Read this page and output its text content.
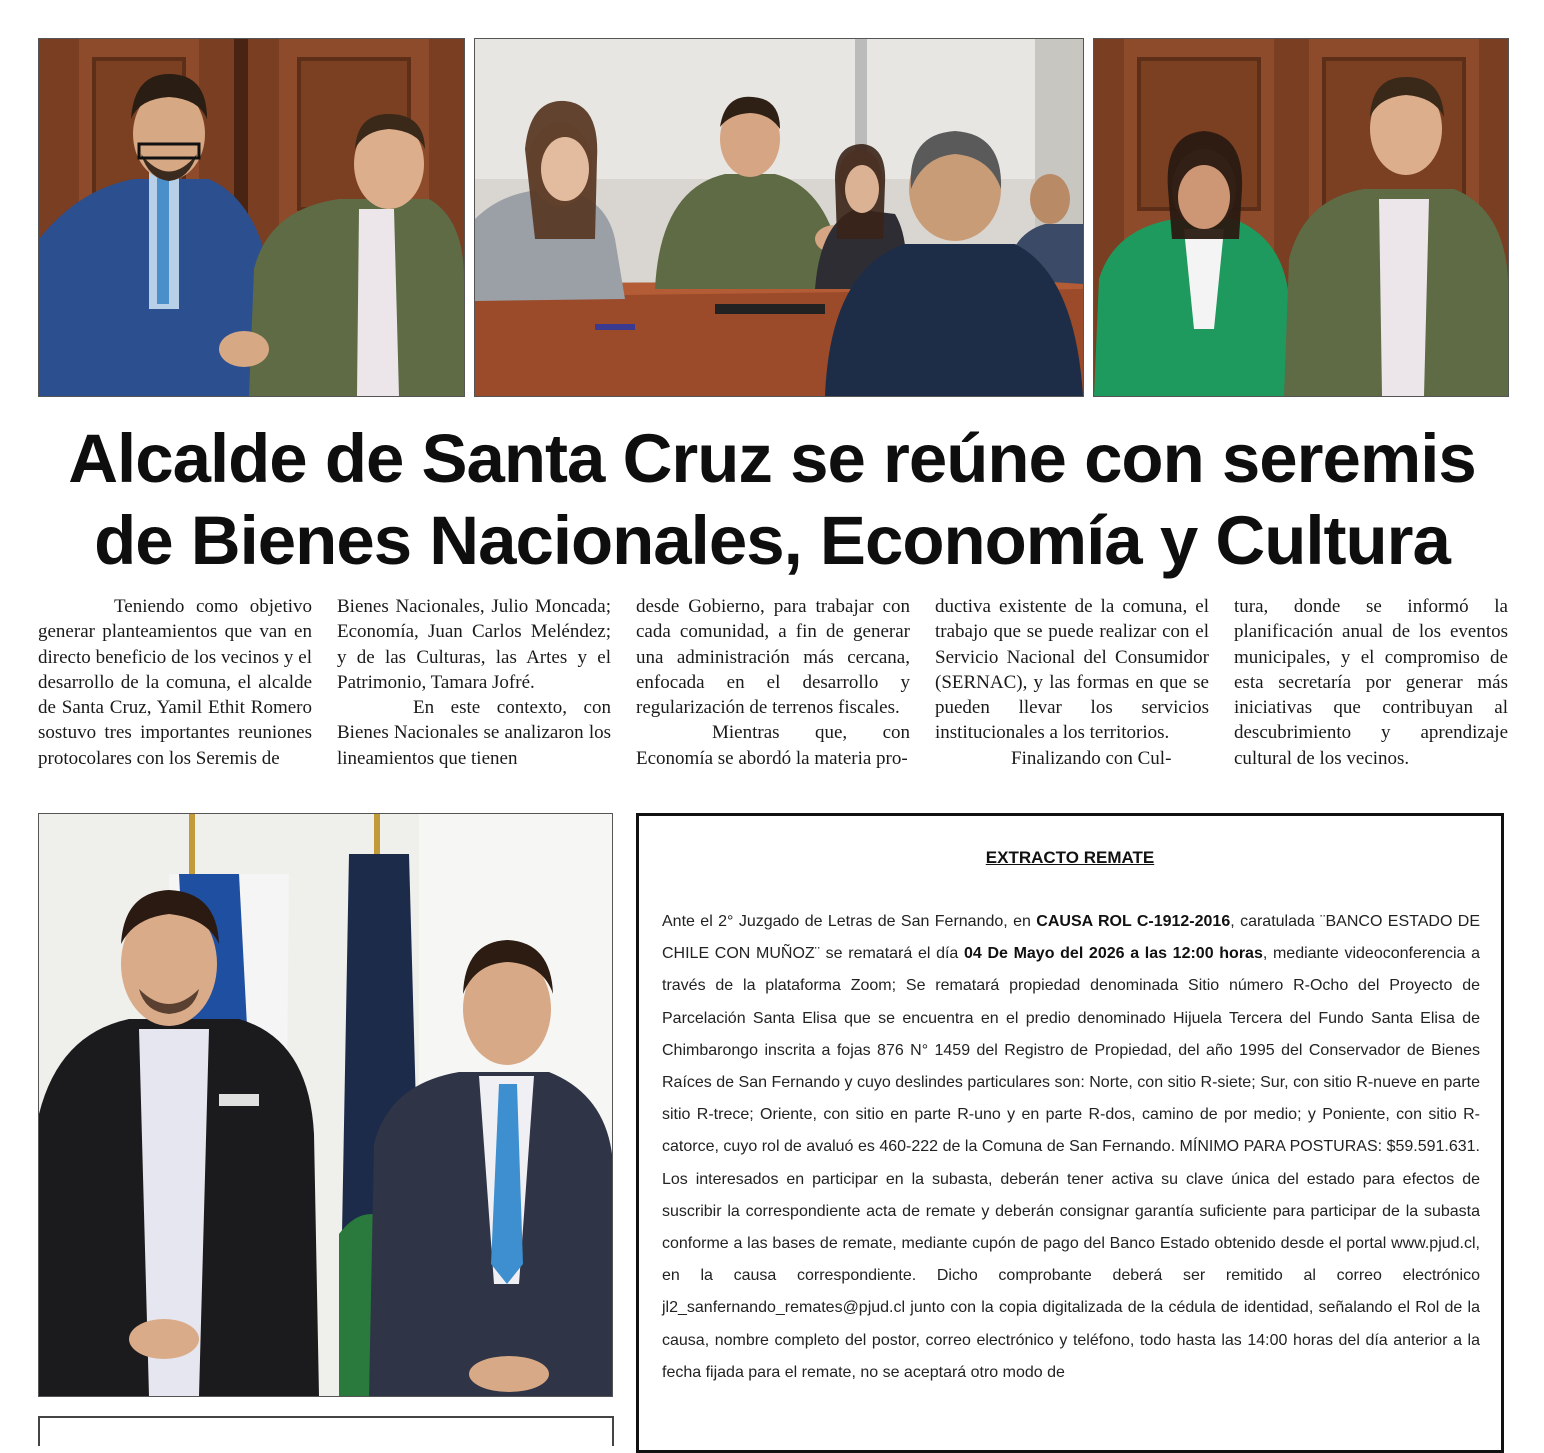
Alcalde de Santa Cruz se reúne con seremis
de Bienes Nacionales, Economía y Cultura

Teniendo como objetivo generar planteamientos que van en directo beneficio de los vecinos y el desarrollo de la comuna, el alcalde de Santa Cruz, Yamil Ethit Romero sostuvo tres importantes reuniones protocolares con los Seremis de

Bienes Nacionales, Julio Moncada; Economía, Juan Carlos Meléndez; y de las Culturas, las Artes y el Patrimonio, Tamara Jofré.

En este contexto, con Bienes Nacionales se analizaron los lineamientos que tienen

desde Gobierno, para trabajar con cada comunidad, a fin de generar una administración más cercana, enfocada en el desarrollo y regularización de terrenos fiscales.

Mientras que, con Economía se abordó la materia pro-

ductiva existente de la comuna, el trabajo que se puede realizar con el Servicio Nacional del Consumidor (SERNAC), y las formas en que se pueden llevar los servicios institucionales a los territorios.

Finalizando con Cul-

tura, donde se informó la planificación anual de los eventos municipales, y el compromiso de esta secretaría por generar más iniciativas que contribuyan al descubrimiento y aprendizaje cultural de los vecinos.

EXTRACTO REMATE
Ante el 2° Juzgado de Letras de San Fernando, en CAUSA ROL C-1912-2016, caratulada ¨BANCO ESTADO DE CHILE CON MUÑOZ¨ se rematará el día 04 De Mayo del 2026 a las 12:00 horas, mediante videoconferencia a través de la plataforma Zoom; Se rematará propiedad denominada Sitio número R-Ocho del Proyecto de Parcelación Santa Elisa que se encuentra en el predio denominado Hijuela Tercera del Fundo Santa Elisa de Chimbarongo inscrita a fojas 876 N° 1459 del Registro de Propiedad, del año 1995 del Conservador de Bienes Raíces de San Fernando y cuyo deslindes particulares son: Norte, con sitio R-siete; Sur, con sitio R-nueve en parte sitio R-trece; Oriente, con sitio en parte R-uno y en parte R-dos, camino de por medio; y Poniente, con sitio R-catorce, cuyo rol de avaluó es 460-222 de la Comuna de San Fernando. MÍNIMO PARA POSTURAS: $59.591.631. Los interesados en participar en la subasta, deberán tener activa su clave única del estado para efectos de suscribir la correspondiente acta de remate y deberán consignar garantía suficiente para participar de la subasta conforme a las bases de remate, mediante cupón de pago del Banco Estado obtenido desde el portal www.pjud.cl, en la causa correspondiente. Dicho comprobante deberá ser remitido al correo electrónico jl2_sanfernando_remates@pjud.cl junto con la copia digitalizada de la cédula de identidad, señalando el Rol de la causa, nombre completo del postor, correo electrónico y teléfono, todo hasta las 14:00 horas del día anterior a la fecha fijada para el remate, no se aceptará otro modo de
